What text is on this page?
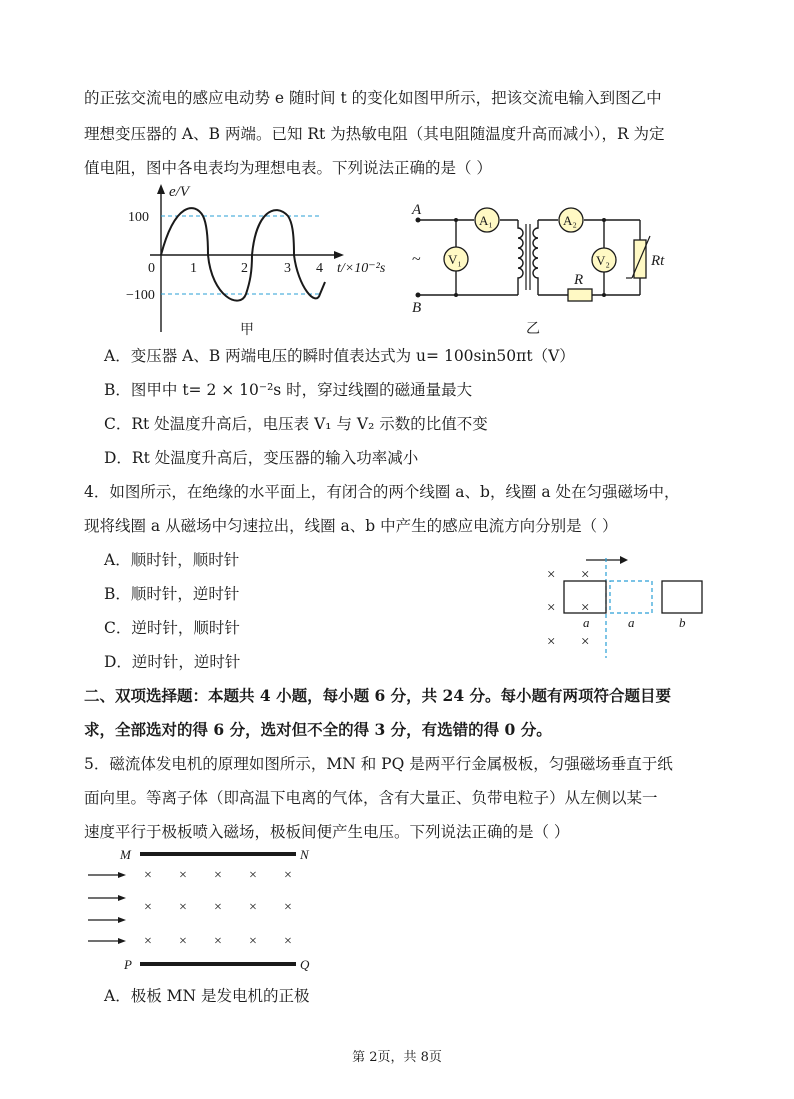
的正弦交流电的感应电动势 e 随时间 t 的变化如图甲所示，把该交流电输入到图乙中
理想变压器的 A、B 两端。已知 Rt 为热敏电阻（其电阻随温度升高而减小），R 为定
值电阻，图中各电表均为理想电表。下列说法正确的是（ ）
e/V
100
−100
0	1	2	3 4 t/×10⁻²s
甲
A₁
V₁
A₂
V₂
A
B
~
R
Rt
乙
A．变压器 A、B 两端电压的瞬时值表达式为 u= 100sin50πt（V）
B．图甲中 t= 2 × 10⁻²s 时，穿过线圈的磁通量最大
C．Rt 处温度升高后，电压表 V₁ 与 V₂ 示数的比值不变
D．Rt 处温度升高后，变压器的输入功率减小
4．如图所示，在绝缘的水平面上，有闭合的两个线圈 a、b，线圈 a 处在匀强磁场中，
现将线圈 a 从磁场中匀速拉出，线圈 a、b 中产生的感应电流方向分别是（ ）
A．顺时针，顺时针
B．顺时针，逆时针
C．逆时针，顺时针
D．逆时针，逆时针
× ×
× ×
× ×
a	a	b
二、双项选择题：本题共 4 小题，每小题 6 分，共 24 分。每小题有两项符合题目要
求，全部选对的得 6 分，选对但不全的得 3 分，有选错的得 0 分。
5．磁流体发电机的原理如图所示，MN 和 PQ 是两平行金属极板，匀强磁场垂直于纸
面向里。等离子体（即高温下电离的气体，含有大量正、负带电粒子）从左侧以某一
速度平行于极板喷入磁场，极板间便产生电压。下列说法正确的是（ ）
M	N
P	Q
× × × × ×
× × × × ×
× × × × ×
A．极板 MN 是发电机的正极
第 2页，共 8页
